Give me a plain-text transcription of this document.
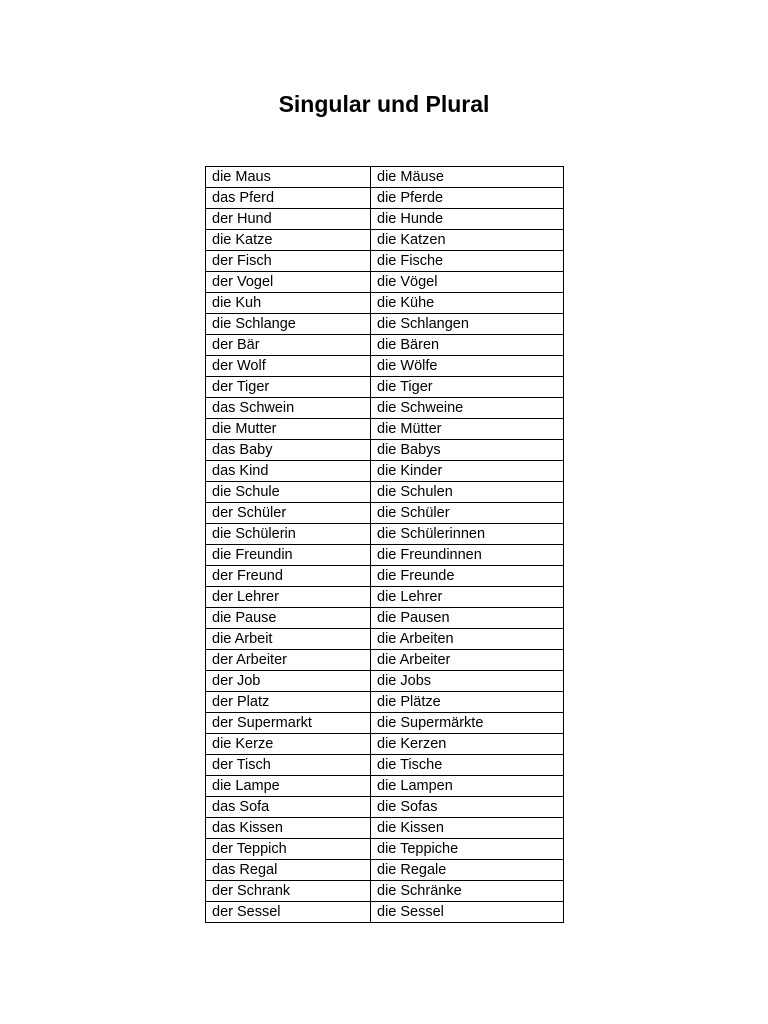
Singular und Plural
die Maus	die Mäuse
das Pferd	die Pferde
der Hund	die Hunde
die Katze	die Katzen
der Fisch	die Fische
der Vogel	die Vögel
die Kuh	die Kühe
die Schlange	die Schlangen
der Bär	die Bären
der Wolf	die Wölfe
der Tiger	die Tiger
das Schwein	die Schweine
die Mutter	die Mütter
das Baby	die Babys
das Kind	die Kinder
die Schule	die Schulen
der Schüler	die Schüler
die Schülerin	die Schülerinnen
die Freundin	die Freundinnen
der Freund	die Freunde
der Lehrer	die Lehrer
die Pause	die Pausen
die Arbeit	die Arbeiten
der Arbeiter	die Arbeiter
der Job	die Jobs
der Platz	die Plätze
der Supermarkt	die Supermärkte
die Kerze	die Kerzen
der Tisch	die Tische
die Lampe	die Lampen
das Sofa	die Sofas
das Kissen	die Kissen
der Teppich	die Teppiche
das Regal	die Regale
der Schrank	die Schränke
der Sessel	die Sessel
